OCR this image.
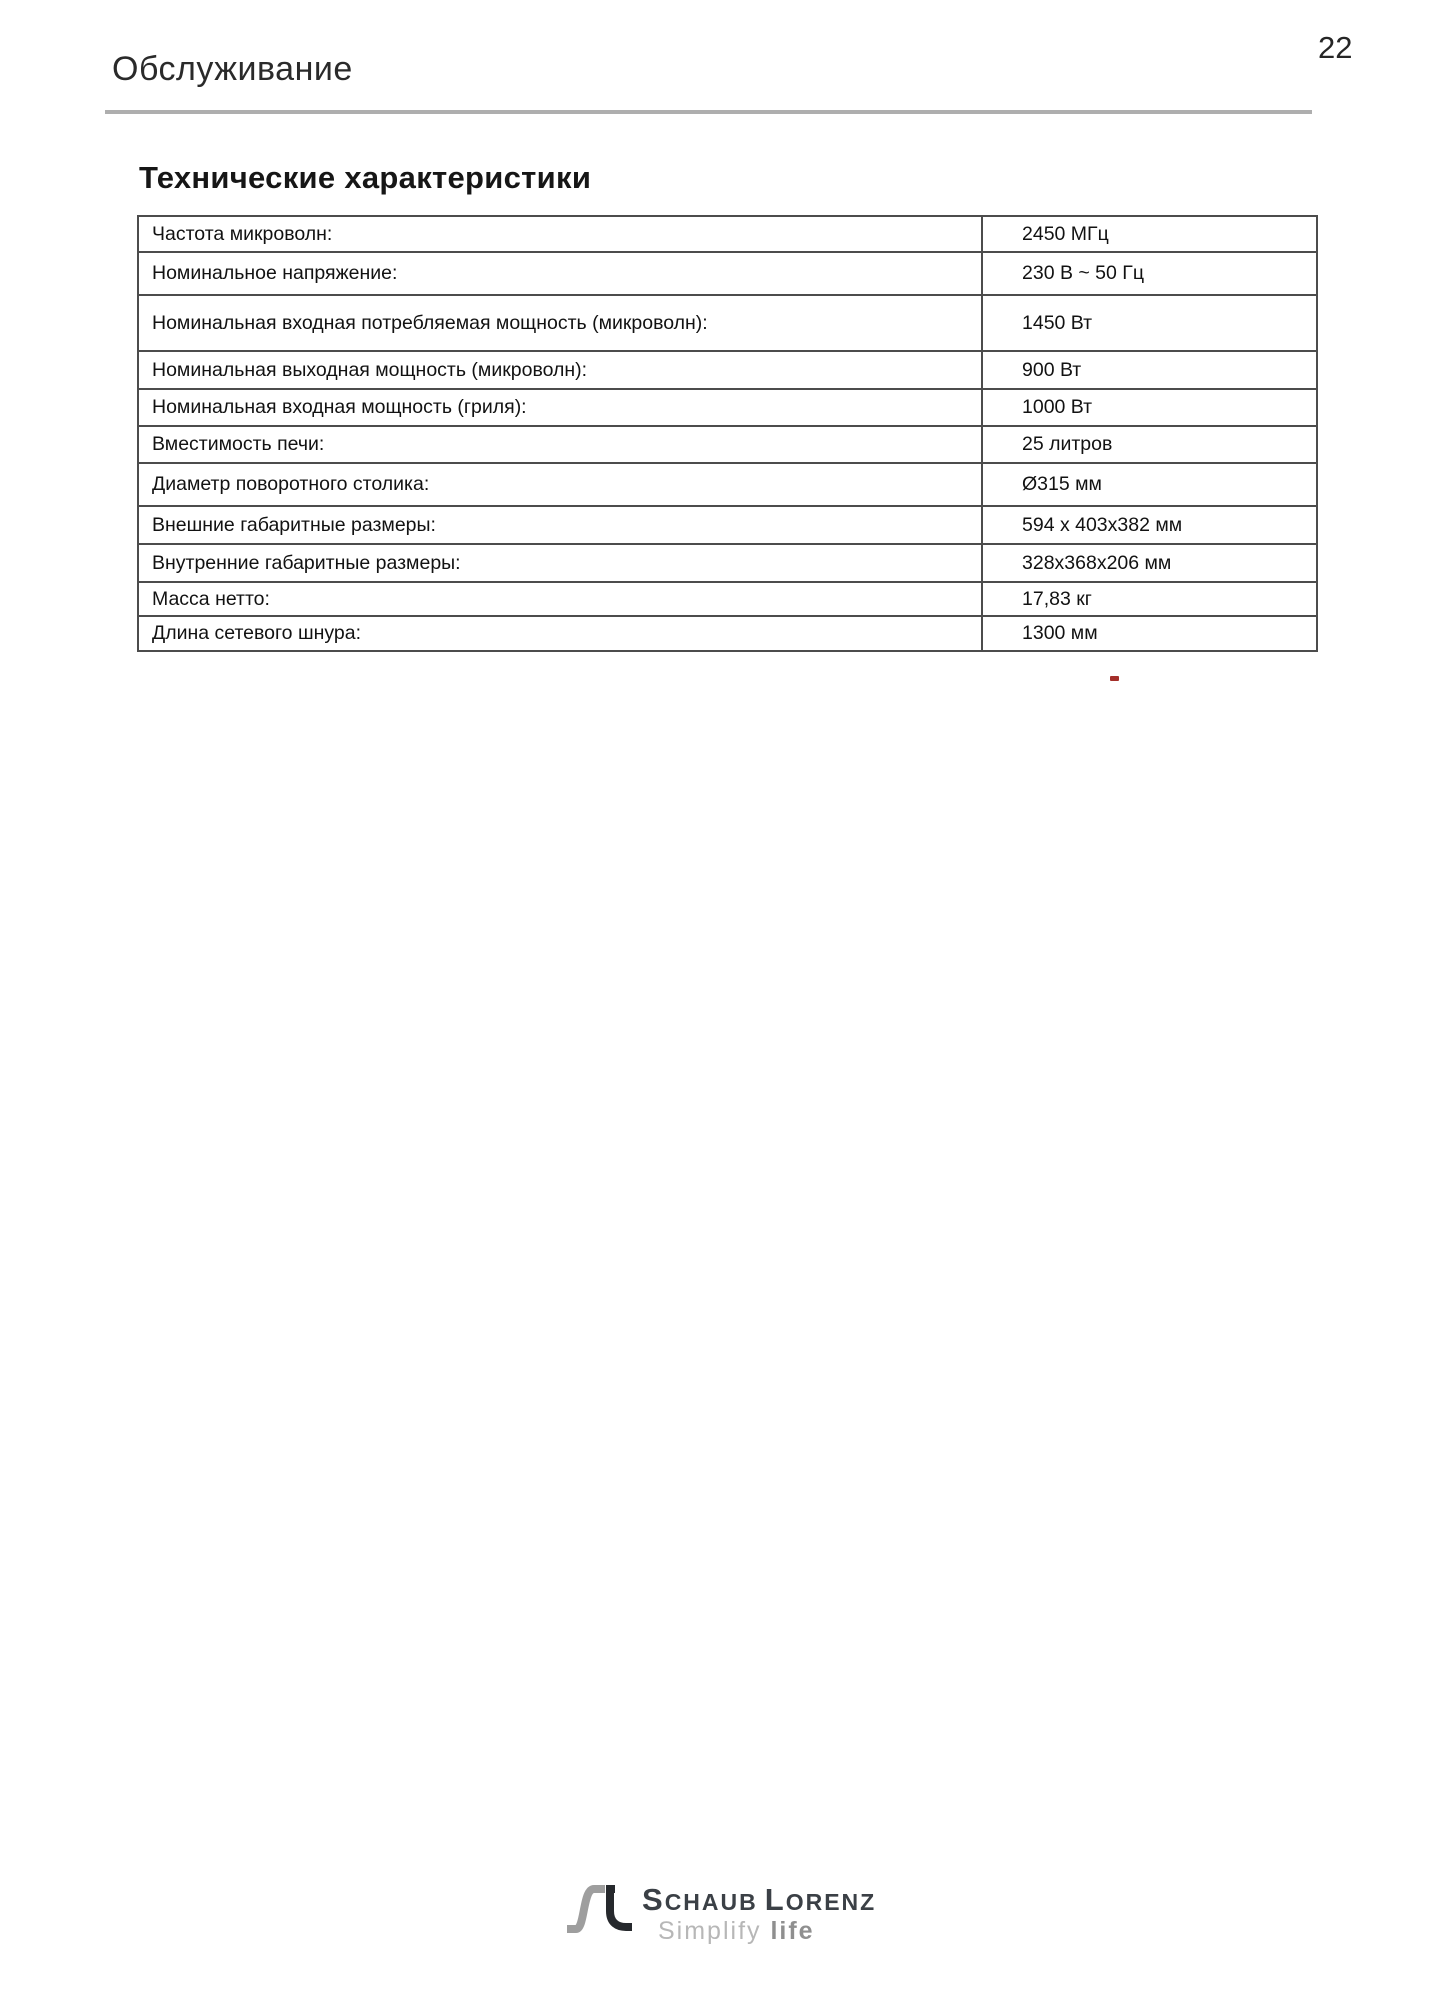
Обслуживание
22
Технические характеристики
Частота микроволн:	2450 МГц
Номинальное напряжение:	230 В ~ 50 Гц
Номинальная входная потребляемая мощность (микроволн):	1450 Вт
Номинальная выходная мощность (микроволн):	900 Вт
Номинальная входная мощность (гриля):	1000 Вт
Вместимость печи:	25 литров
Диаметр поворотного столика:	Ø315 мм
Внешние габаритные размеры:	594 x 403x382 мм
Внутренние габаритные размеры:	328x368x206 мм
Масса нетто:	17,83 кг
Длина сетевого шнура:	1300 мм
SCHAUB LORENZ
Simplify life
